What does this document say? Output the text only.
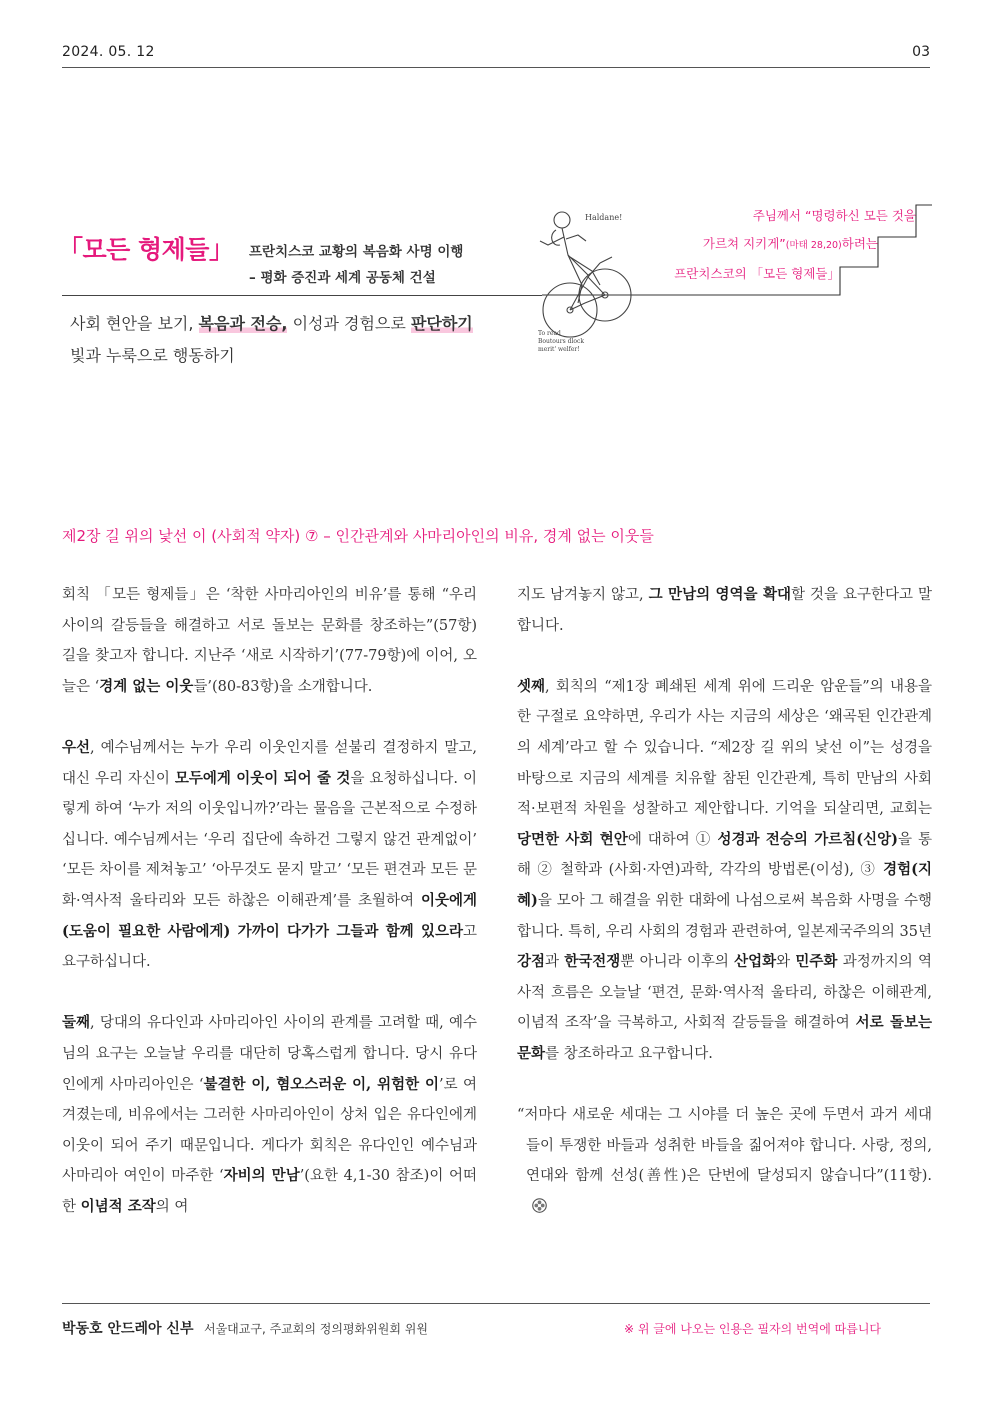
2024. 05. 12	03
「모든 형제들」 프란치스코 교황의 복음화 사명 이행
– 평화 증진과 세계 공동체 건설
사회 현안을 보기, 복음과 전승, 이성과 경험으로 판단하기
빛과 누룩으로 행동하기
Haldane!
To read
Boutours dlock
merit' welfer!
주님께서 “명령하신 모든 것을
가르쳐 지키게”(마태 28,20)하려는
프란치스코의 「모든 형제들」
제2장 길 위의 낯선 이 (사회적 약자) ⑦ – 인간관계와 사마리아인의 비유, 경계 없는 이웃들

회칙 「모든 형제들」은 ‘착한 사마리아인의 비유’를 통해 “우리 사이의 갈등들을 해결하고 서로 돌보는 문화를 창조하는”(57항) 길을 찾고자 합니다. 지난주 ‘새로 시작하기’(77-79항)에 이어, 오늘은 ‘경계 없는 이웃들’(80-83항)을 소개합니다.

우선, 예수님께서는 누가 우리 이웃인지를 섣불리 결정하지 말고, 대신 우리 자신이 모두에게 이웃이 되어 줄 것을 요청하십니다. 이렇게 하여 ‘누가 저의 이웃입니까?’라는 물음을 근본적으로 수정하십니다. 예수님께서는 ‘우리 집단에 속하건 그렇지 않건 관계없이’ ‘모든 차이를 제쳐놓고’ ‘아무것도 묻지 말고’ ‘모든 편견과 모든 문화·역사적 울타리와 모든 하찮은 이해관계’를 초월하여 이웃에게(도움이 필요한 사람에게) 가까이 다가가 그들과 함께 있으라고 요구하십니다.

둘째, 당대의 유다인과 사마리아인 사이의 관계를 고려할 때, 예수님의 요구는 오늘날 우리를 대단히 당혹스럽게 합니다. 당시 유다인에게 사마리아인은 ‘불결한 이, 혐오스러운 이, 위험한 이’로 여겨졌는데, 비유에서는 그러한 사마리아인이 상처 입은 유다인에게 이웃이 되어 주기 때문입니다. 게다가 회칙은 유다인인 예수님과 사마리아 여인이 마주한 ‘자비의 만남’(요한 4,1-30 참조)이 어떠한 이념적 조작의 여

지도 남겨놓지 않고, 그 만남의 영역을 확대할 것을 요구한다고 말합니다.

셋째, 회칙의 “제1장 폐쇄된 세계 위에 드리운 암운들”의 내용을 한 구절로 요약하면, 우리가 사는 지금의 세상은 ‘왜곡된 인간관계의 세계’라고 할 수 있습니다. “제2장 길 위의 낯선 이”는 성경을 바탕으로 지금의 세계를 치유할 참된 인간관계, 특히 만남의 사회적·보편적 차원을 성찰하고 제안합니다. 기억을 되살리면, 교회는 당면한 사회 현안에 대하여 ① 성경과 전승의 가르침(신앙)을 통해 ② 철학과 (사회·자연)과학, 각각의 방법론(이성), ③ 경험(지혜)을 모아 그 해결을 위한 대화에 나섬으로써 복음화 사명을 수행합니다. 특히, 우리 사회의 경험과 관련하여, 일본제국주의의 35년 강점과 한국전쟁뿐 아니라 이후의 산업화와 민주화 과정까지의 역사적 흐름은 오늘날 ‘편견, 문화·역사적 울타리, 하찮은 이해관계, 이념적 조작’을 극복하고, 사회적 갈등들을 해결하여 서로 돌보는 문화를 창조하라고 요구합니다.

“저마다 새로운 세대는 그 시야를 더 높은 곳에 두면서 과거 세대들이 투쟁한 바들과 성취한 바들을 짊어져야 합니다. 사랑, 정의, 연대와 함께 선성(善性)은 단번에 달성되지 않습니다”(11항).

박동호 안드레아 신부 서울대교구, 주교회의 정의평화위원회 위원	※ 위 글에 나오는 인용은 필자의 번역에 따릅니다
